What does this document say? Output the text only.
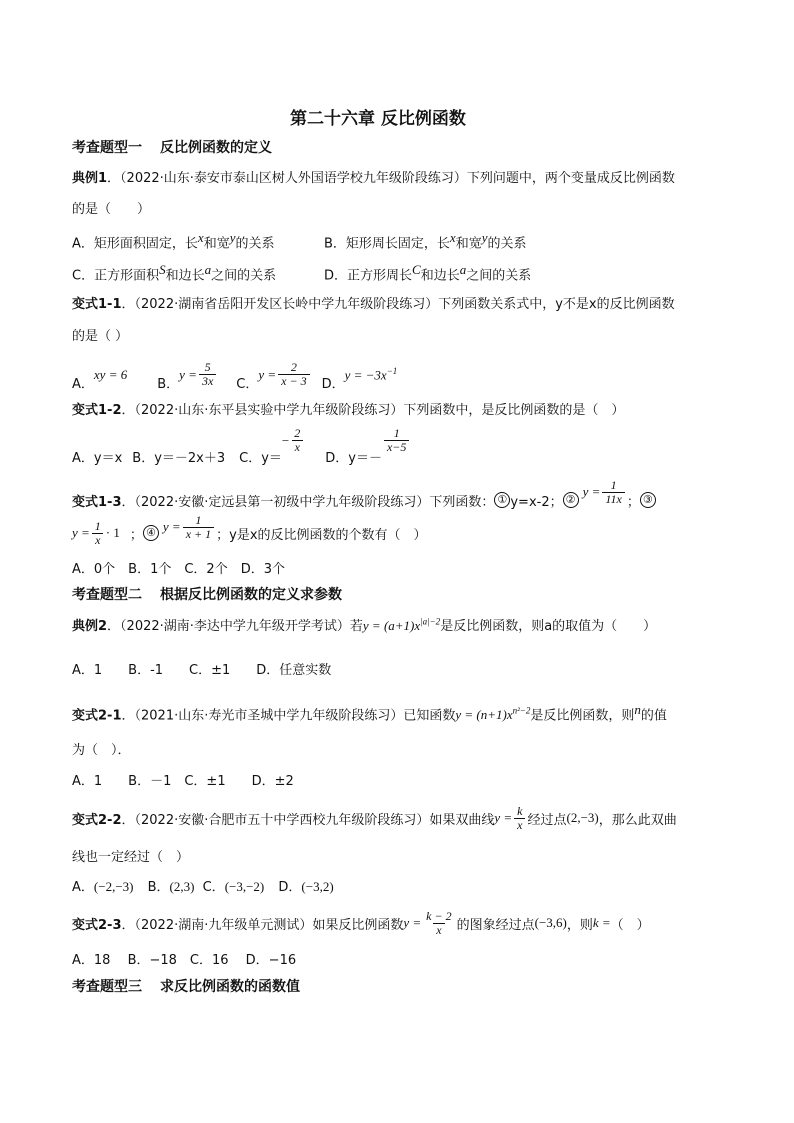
第二十六章 反比例函数
考查题型一 反比例函数的定义
典例1．（2022·山东·泰安市泰山区树人外国语学校九年级阶段练习）下列问题中，两个变量成反比例函数
的是（　　）
A．矩形面积固定，长$^x$和宽$^y$的关系	B．矩形周长固定，长$^x$和宽$^y$的关系
C．正方形面积$^S$和边长$^a$之间的关系	D．正方形周长$^C$和边长$^a$之间的关系
变式1-1．（2022·湖南省岳阳开发区长岭中学九年级阶段练习）下列函数关系式中，y不是x的反比例函数
的是（ ）
A．
xy = 6
B．
$y = \frac{5}{3x}$ C．
$y = \frac{2}{x - 3}$ D．
$y = -3x^{-1}$
变式1-2．（2022·山东·东平县实验中学九年级阶段练习）下列函数中，是反比例函数的是（　）
A．y＝x B．y＝－2x＋3 C．y＝
− $\frac{2}{x}$
D．y＝－
$\frac{1}{x-5}$
变式1-3 ．（2022·安徽·定远县第一初级中学九年级阶段练习）下列函数： ① y=x-2； ②
$y = \frac{1}{11x}$ ； ③
$y = \frac{1}{x} \cdot 1$ ； ④ $y = \frac{1}{x + 1}$ ；y是x的反比例函数的个数有（　）
A．0个　B．1个　C．2个　D．3个
考查题型二 根据反比例函数的定义求参数
典例2．（2022·湖南·李达中学九年级开学考试）若$y = (a+1)x^{|a|-2}$是反比例函数，则a的取值为（　　）
A．1　　B．-1　　C．±1　　D．任意实数
变式2-1．（2021·山东·寿光市圣城中学九年级阶段练习）已知函数$y = (n+1)x^{n^2-2}$是反比例函数，则$^n$的值
为（　）．
A．1　　B．－1　C．±1　　D．±2
变式2-2 ．（2022·安徽·合肥市五十中学西校九年级阶段练习）如果双曲线 $y = \frac{k}{x}$ 经过点 (2,−3) ，那么此双曲
线也一定经过（　）
A．(−2,−3) B．(2,3) C．(−3,−2) D．(−3,2)
变式2-3 ．（2022·湖南·九年级单元测试）如果反比例函数 $y = \frac{k - 2}{x}$ 的图象经过点 (−3,6) ，则 k = （　）
A．18　 B．−18　C．16　 D．−16
考查题型三 求反比例函数的函数值
